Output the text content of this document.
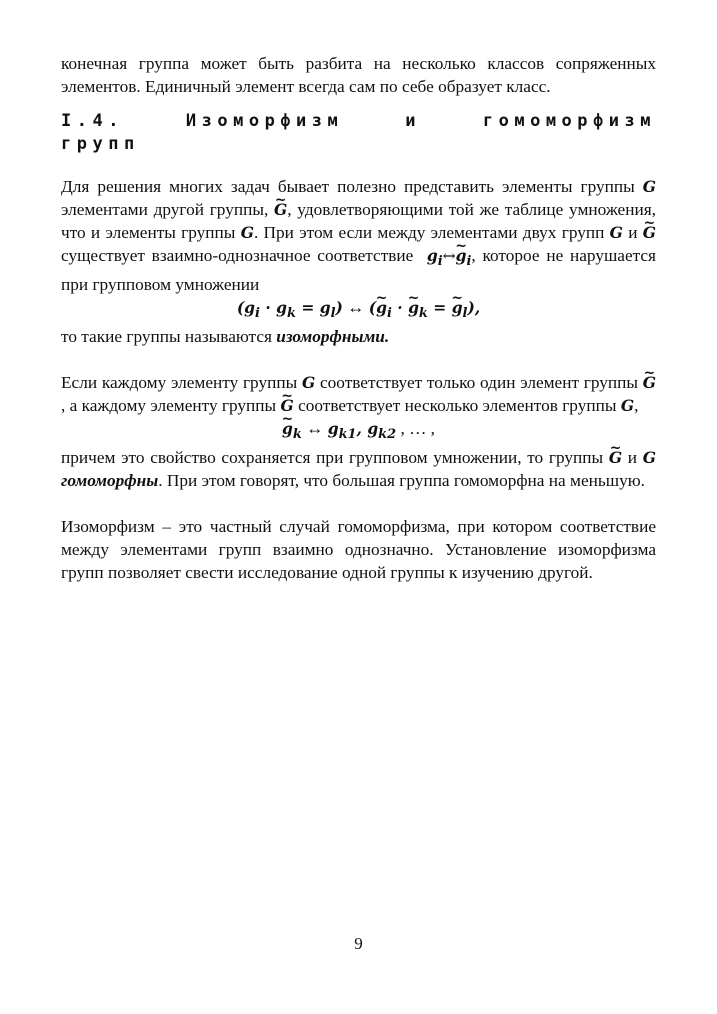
конечная группа может быть разбита на несколько классов сопряженных элементов. Единичный элемент всегда сам по себе образует класс.

I.4.	Изоморфизм	и	гомоморфизм
групп

Для решения многих задач бывает полезно представить элементы группы G элементами другой группы, ~ G, удовлетворяющими той же таблице умножения, что и элементы группы G. При этом если между элементами двух групп G и ~ G существует взаимно-однозначное соответствие $g_i\leftrightarrow\sim$ $g_i$, которое не нарушается при групповом умножении

$(g_i \cdot g_k = g_l)$ ↔ (~ $g_i$ · ~ $g_k$ = ~ $g_l$),

то такие группы называются изоморфными.

Если каждому элементу группы G соответствует только один элемент группы ~ G, а каждому элементу группы ~ G соответствует несколько элементов группы G,

~ $g_k$ ↔ $g_{k1}$, $g_{k2}$ , … ,

причем это свойство сохраняется при групповом умножении, то группы ~ G и G гомоморфны. При этом говорят, что большая группа гомоморфна на меньшую.

Изоморфизм – это частный случай гомоморфизма, при котором соответствие между элементами групп взаимно однозначно. Установление изоморфизма групп позволяет свести исследование одной группы к изучению другой.

9
